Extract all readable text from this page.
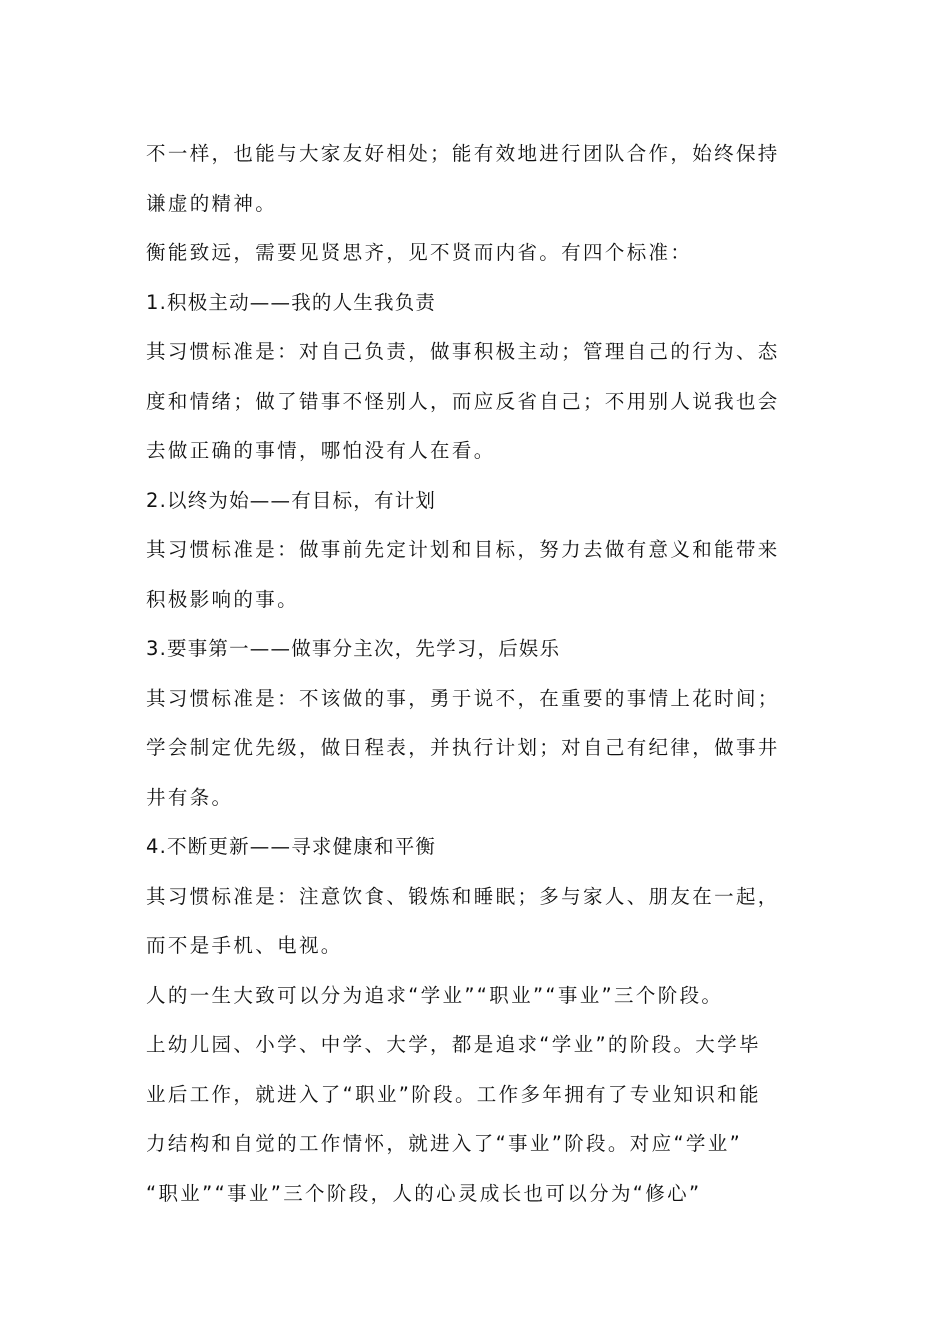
不一样，也能与大家友好相处；能有效地进行团队合作，始终保持
谦虚的精神。
衡能致远，需要见贤思齐，见不贤而内省。有四个标准：
1.积极主动——我的人生我负责
其习惯标准是：对自己负责，做事积极主动；管理自己的行为、态
度和情绪；做了错事不怪别人，而应反省自己；不用别人说我也会
去做正确的事情，哪怕没有人在看。
2.以终为始——有目标，有计划
其习惯标准是：做事前先定计划和目标，努力去做有意义和能带来
积极影响的事。
3.要事第一——做事分主次，先学习，后娱乐
其习惯标准是：不该做的事，勇于说不，在重要的事情上花时间；
学会制定优先级，做日程表，并执行计划；对自己有纪律，做事井
井有条。
4.不断更新——寻求健康和平衡
其习惯标准是：注意饮食、锻炼和睡眠；多与家人、朋友在一起，
而不是手机、电视。
人的一生大致可以分为追求“学业”“职业”“事业”三个阶段。
上幼儿园、小学、中学、大学，都是追求“学业”的阶段。大学毕
业后工作，就进入了“职业”阶段。工作多年拥有了专业知识和能
力结构和自觉的工作情怀，就进入了“事业”阶段。对应“学业”
“职业”“事业”三个阶段，人的心灵成长也可以分为“修心”
